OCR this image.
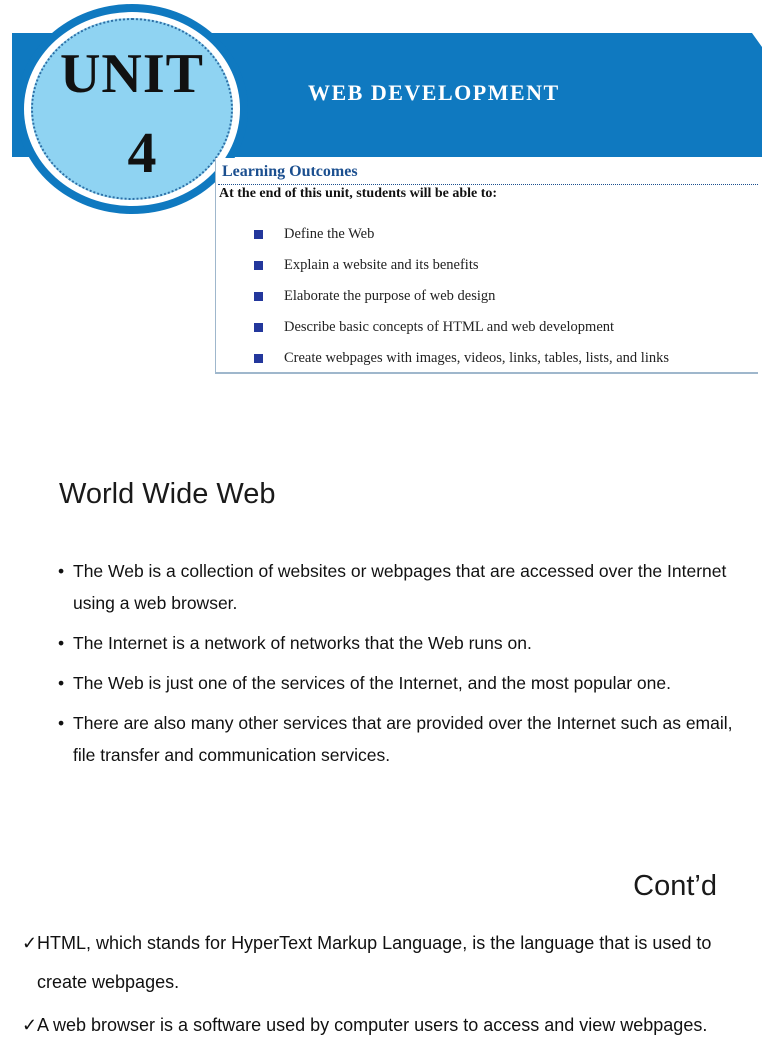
WEB DEVELOPMENT
UNIT
4	Learning Outcomes
At the end of this unit, students will be able to:
Define the Web
Explain a website and its benefits
Elaborate the purpose of web design
Describe basic concepts of HTML and web development
Create webpages with images, videos, links, tables, lists, and links
World Wide Web
• The Web is a collection of websites or webpages that are accessed over the Internet using a web browser.
• The Internet is a network of networks that the Web runs on.
• The Web is just one of the services of the Internet, and the most popular one.
• There are also many other services that are provided over the Internet such as email, file transfer and communication services.
Cont’d
✓ HTML, which stands for HyperText Markup Language, is the language that is used to create webpages.
✓ A web browser is a software used by computer users to access and view webpages.
